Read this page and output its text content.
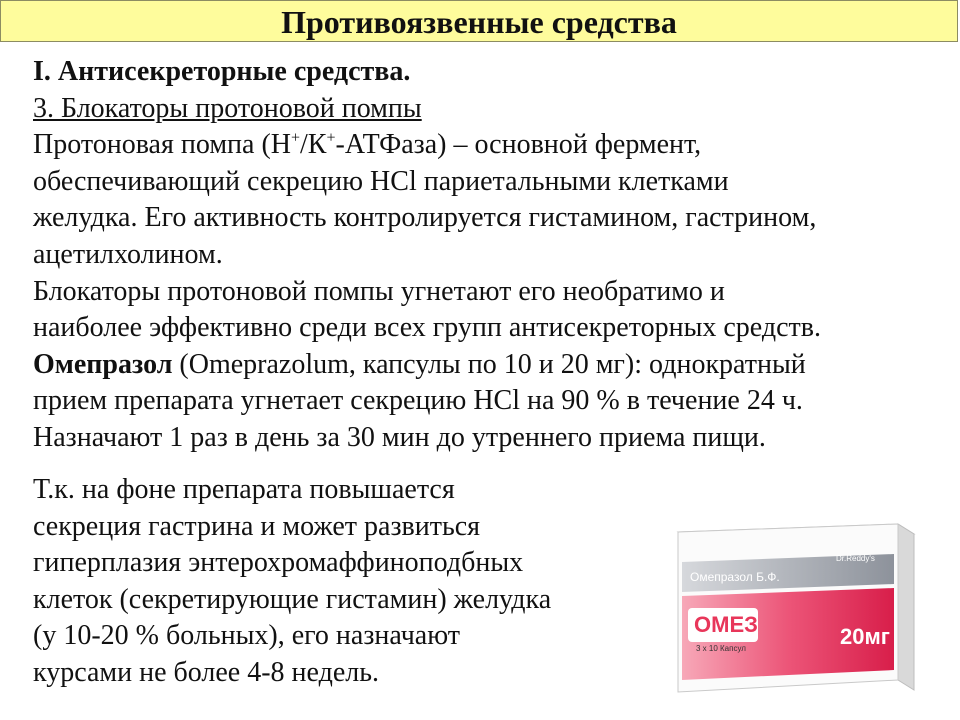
Противоязвенные средства
I. Антисекреторные средства.
3. Блокаторы протоновой помпы
Протоновая помпа (Н+/К+-АТФаза) – основной фермент,
обеспечивающий секрецию HCl париетальными клетками
желудка. Его активность контролируется гистамином, гастрином,
ацетилхолином.
Блокаторы протоновой помпы угнетают его необратимо и
наиболее эффективно среди всех групп антисекреторных средств.
Омепразол (Omeprazolum, капсулы по 10 и 20 мг): однократный
прием препарата угнетает секрецию HCl на 90 % в течение 24 ч.
Назначают 1 раз в день за 30 мин до утреннего приема пищи.
Т.к. на фоне препарата повышается
секреция гастрина и может развиться
гиперплазия энтерохромаффиноподбных
клеток (секретирующие гистамин) желудка
(у 10-20 % больных), его назначают
курсами не более 4-8 недель.
Dr.Reddy's
Омепразол Б.Ф.
ОМЕЗ	20мг
3 x 10 Капсул
